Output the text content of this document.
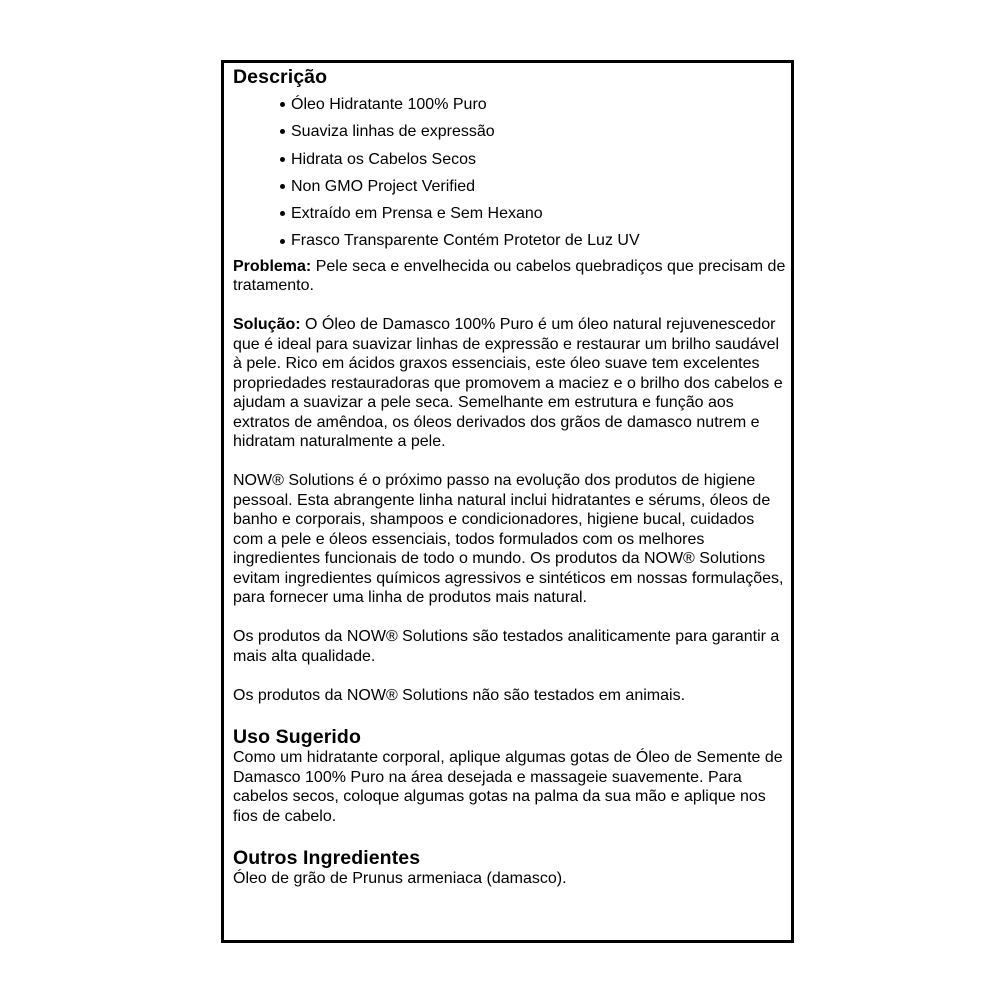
Descrição
Óleo Hidratante 100% Puro
Suaviza linhas de expressão
Hidrata os Cabelos Secos
Non GMO Project Verified
Extraído em Prensa e Sem Hexano
Frasco Transparente Contém Protetor de Luz UV

Problema: Pele seca e envelhecida ou cabelos quebradiços que precisam de tratamento.

Solução: O Óleo de Damasco 100% Puro é um óleo natural rejuvenescedor que é ideal para suavizar linhas de expressão e restaurar um brilho saudável à pele. Rico em ácidos graxos essenciais, este óleo suave tem excelentes propriedades restauradoras que promovem a maciez e o brilho dos cabelos e ajudam a suavizar a pele seca. Semelhante em estrutura e função aos extratos de amêndoa, os óleos derivados dos grãos de damasco nutrem e hidratam naturalmente a pele.

NOW® Solutions é o próximo passo na evolução dos produtos de higiene pessoal. Esta abrangente linha natural inclui hidratantes e sérums, óleos de banho e corporais, shampoos e condicionadores, higiene bucal, cuidados com a pele e óleos essenciais, todos formulados com os melhores ingredientes funcionais de todo o mundo. Os produtos da NOW® Solutions evitam ingredientes químicos agressivos e sintéticos em nossas formulações, para fornecer uma linha de produtos mais natural.

Os produtos da NOW® Solutions são testados analiticamente para garantir a mais alta qualidade.

Os produtos da NOW® Solutions não são testados em animais.

Uso Sugerido

Como um hidratante corporal, aplique algumas gotas de Óleo de Semente de Damasco 100% Puro na área desejada e massageie suavemente. Para cabelos secos, coloque algumas gotas na palma da sua mão e aplique nos fios de cabelo.

Outros Ingredientes

Óleo de grão de Prunus armeniaca (damasco).
